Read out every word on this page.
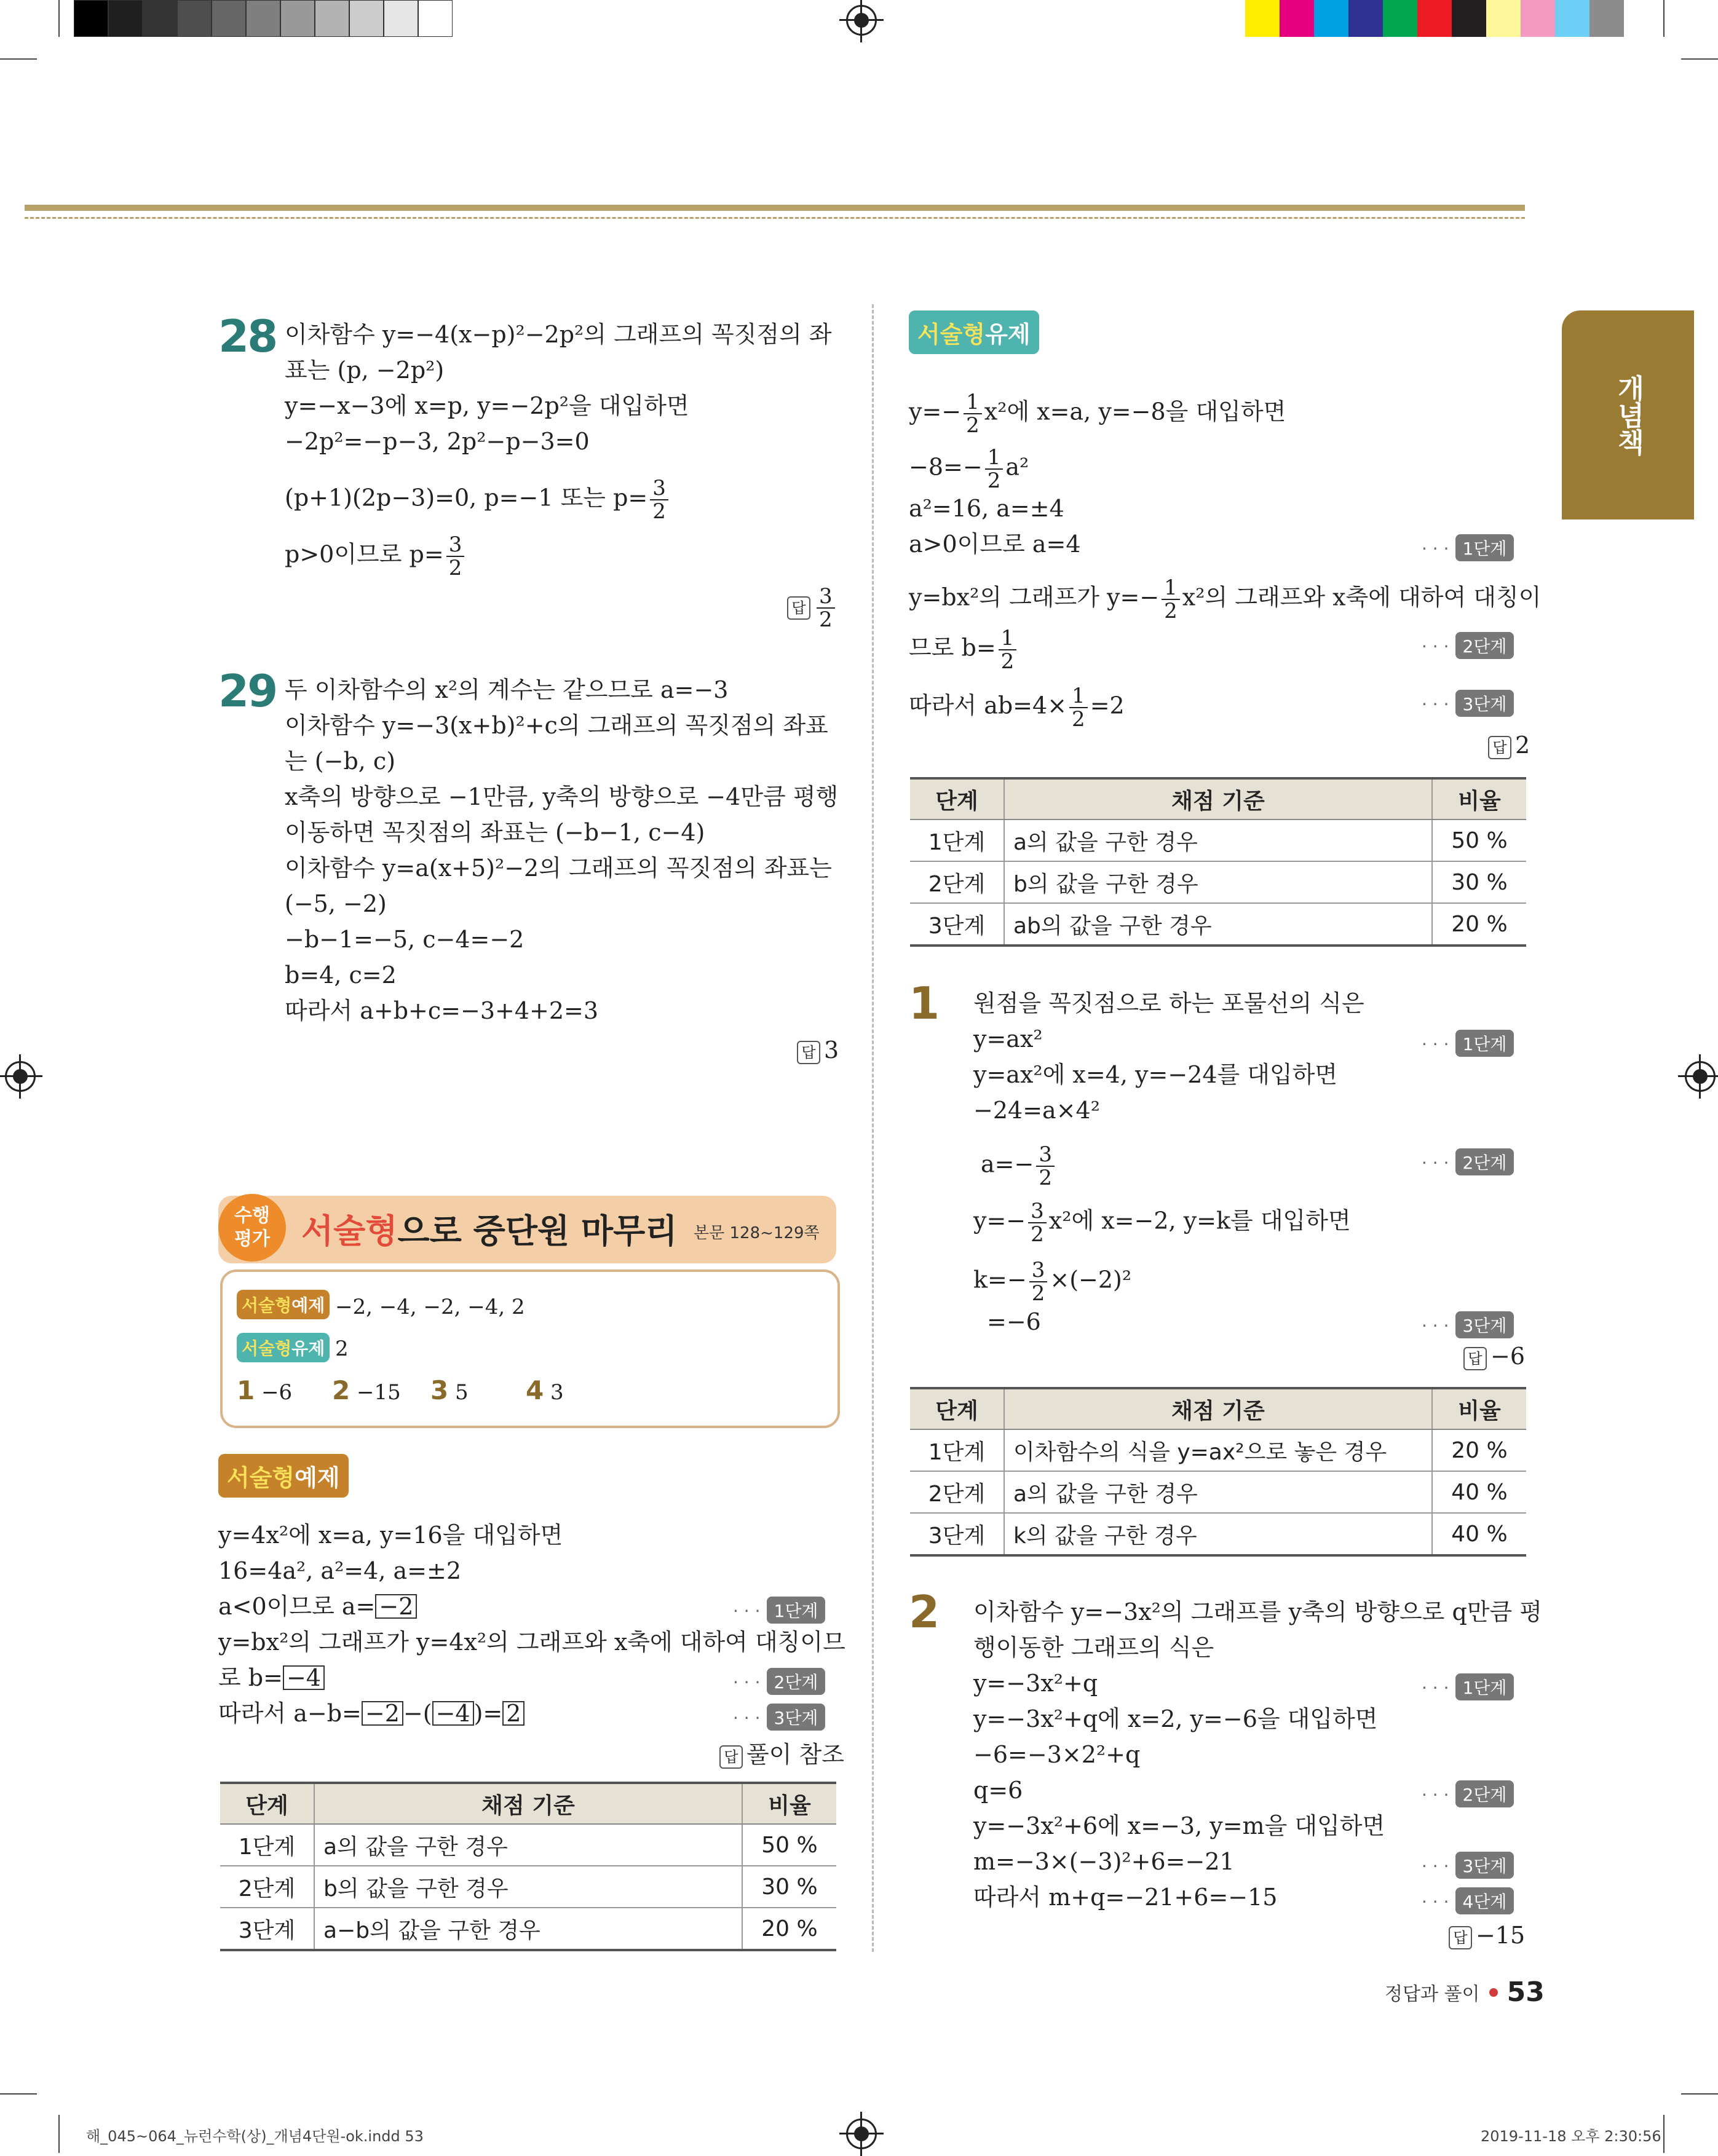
개념책
28 이차함수 y=−4(x−p)²−2p²의 그래프의 꼭짓점의 좌
표는 (p, −2p²)
y=−x−3에 x=p, y=−2p²을 대입하면
−2p²=−p−3, 2p²−p−3=0
(p+1)(2p−3)=0, p=−1 또는 $p= \frac{3}{2}$
p>0이므로 $p= \frac{3}{2}$
답 $\frac{3}{2}$
29 두 이차함수의 x²의 계수는 같으므로 a=−3
이차함수 y=−3(x+b)²+c의 그래프의 꼭짓점의 좌표
는 (−b, c)
x축의 방향으로 −1만큼, y축의 방향으로 −4만큼 평행
이동하면 꼭짓점의 좌표는 (−b−1, c−4)
이차함수 y=a(x+5)²−2의 그래프의 꼭짓점의 좌표는
(−5, −2)
−b−1=−5, c−4=−2
b=4, c=2
따라서 a+b+c=−3+4+2=3
답 3
수행
평가 서술형으로 중단원 마무리 본문 128~129쪽
서술형예제 −2, −4, −2, −4, 2
서술형유제 2
1 −6 2 −15 3 5 4 3
서술형예제
y=4x²에 x=a, y=16을 대입하면
16=4a², a²=4, a=±2
a<0이므로 a= −2
y=bx²의 그래프가 y=4x²의 그래프와 x축에 대하여 대칭이므
로 b= −4
따라서 a−b= −2 −( −4 )= 2
· · · 1단계
· · · 2단계
· · · 3단계
답 풀이 참조
단계	채점 기준	비율
1단계	a의 값을 구한 경우	50 %
2단계	b의 값을 구한 경우	30 %
3단계	a−b의 값을 구한 경우	20 %
서술형유제
$y=- \frac{1}{2} x^2$에 x=a, y=−8을 대입하면
$-8=- \frac{1}{2} a^2$
a²=16, a=±4
a>0이므로 a=4
y=bx²의 그래프가 $y=- \frac{1}{2} x^2$의 그래프와 x축에 대하여 대칭이
므로 $b= \frac{1}{2}$
따라서 $ab=4\times \frac{1}{2} =2$
· · · 1단계
· · · 2단계
· · · 3단계
답 2
단계	채점 기준	비율
1단계	a의 값을 구한 경우	50 %
2단계	b의 값을 구한 경우	30 %
3단계	ab의 값을 구한 경우	20 %
1 원점을 꼭짓점으로 하는 포물선의 식은
y=ax²
y=ax²에 x=4, y=−24를 대입하면
−24=a×4²
$a=- \frac{3}{2}$
$y=- \frac{3}{2} x^2$에 x=−2, y=k를 대입하면
$k=- \frac{3}{2} \times(-2)^2$
=−6
· · · 1단계
· · · 2단계
· · · 3단계
답 −6
단계	채점 기준	비율
1단계	이차함수의 식을 y=ax²으로 놓은 경우	20 %
2단계	a의 값을 구한 경우	40 %
3단계	k의 값을 구한 경우	40 %
2 이차함수 y=−3x²의 그래프를 y축의 방향으로 q만큼 평
행이동한 그래프의 식은
y=−3x²+q
y=−3x²+q에 x=2, y=−6을 대입하면
−6=−3×2²+q
q=6
y=−3x²+6에 x=−3, y=m을 대입하면
m=−3×(−3)²+6=−21
따라서 m+q=−21+6=−15
· · · 1단계
· · · 2단계
· · · 3단계
· · · 4단계
답 −15
정답과 풀이 53
해_045~064_뉴런수학(상)_개념4단원-ok.indd 53	2019-11-18 오후 2:30:56
